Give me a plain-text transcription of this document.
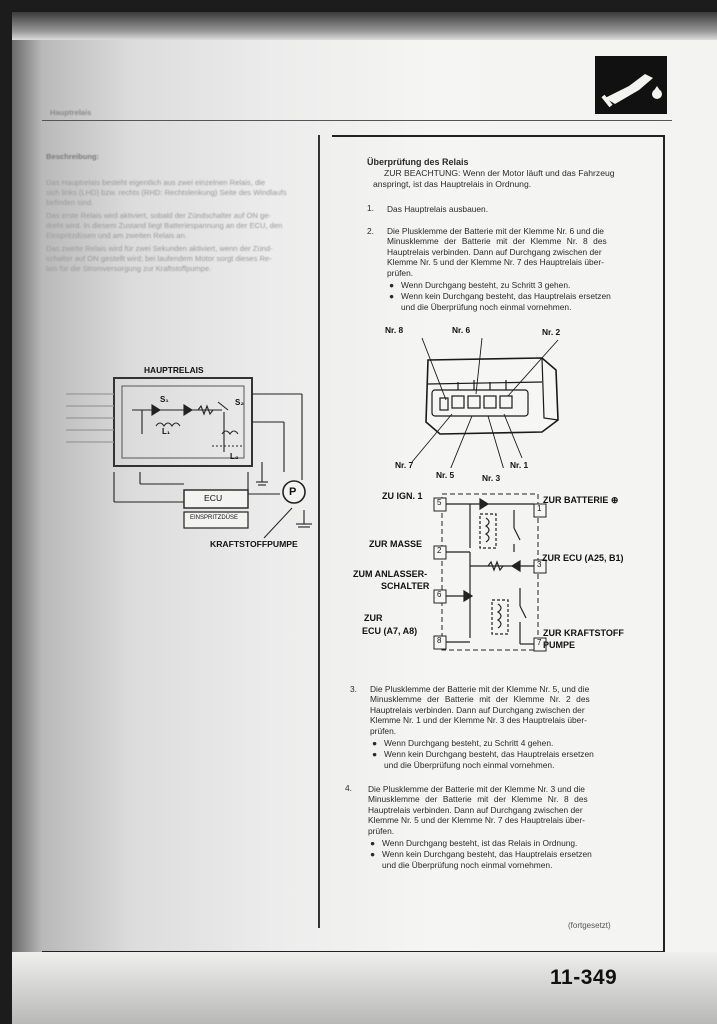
Hauptrelais
Beschreibung:
Das Hauptrelais besteht eigentlich aus zwei einzelnen Relais, die
sich links (LHD) bzw. rechts (RHD: Rechtslenkung) Seite des Windlaufs
befinden sind.
Das erste Relais wird aktiviert, sobald der Zündschalter auf ON ge-
dreht wird. In diesem Zustand liegt Batteriespannung an der ECU, den
Einspritzdüsen und am zweiten Relais an.
Das zweite Relais wird für zwei Sekunden aktiviert, wenn der Zünd-
schalter auf ON gestellt wird; bei laufendem Motor sorgt dieses Re-
lais für die Stromversorgung zur Kraftstoffpumpe.
HAUPTRELAIS
S₁	S₂
L₁
L₂
ECU
EINSPRITZDÜSE
P
KRAFTSTOFFPUMPE
Überprüfung des Relais
ZUR BEACHTUNG: Wenn der Motor läuft und das Fahrzeug
anspringt, ist das Hauptrelais in Ordnung.
1. Das Hauptrelais ausbauen.
2. Die Plusklemme der Batterie mit der Klemme Nr. 6 und die
Minusklemme der Batterie mit der Klemme Nr. 8 des
Hauptrelais verbinden. Dann auf Durchgang zwischen der
Klemme Nr. 5 und der Klemme Nr. 7 des Hauptrelais über-
prüfen.
● Wenn Durchgang besteht, zu Schritt 3 gehen.
● Wenn kein Durchgang besteht, das Hauptrelais ersetzen
und die Überprüfung noch einmal vornehmen.
Nr. 8	Nr. 6	Nr. 2
Nr. 7
Nr. 5	Nr. 3
Nr. 1
5
2
6
8
1
3
7
ZU IGN. 1
ZUR MASSE
ZUM ANLASSER-
SCHALTER
ZUR
ECU (A7, A8)
ZUR BATTERIE ⊕
ZUR ECU (A25, B1)
ZUR KRAFTSTOFF
PUMPE
3. Die Plusklemme der Batterie mit der Klemme Nr. 5, und die
Minusklemme der Batterie mit der Klemme Nr. 2 des
Hauptrelais verbinden. Dann auf Durchgang zwischen der
Klemme Nr. 1 und der Klemme Nr. 3 des Hauptrelais über-
prüfen.
● Wenn Durchgang besteht, zu Schritt 4 gehen.
● Wenn kein Durchgang besteht, das Hauptrelais ersetzen
und die Überprüfung noch einmal vornehmen.
4. Die Plusklemme der Batterie mit der Klemme Nr. 3 und die
Minusklemme der Batterie mit der Klemme Nr. 8 des
Hauptrelais verbinden. Dann auf Durchgang zwischen der
Klemme Nr. 5 und der Klemme Nr. 7 des Hauptrelais über-
prüfen.
● Wenn Durchgang besteht, ist das Relais in Ordnung.
● Wenn kein Durchgang besteht, das Hauptrelais ersetzen
und die Überprüfung noch einmal vornehmen.
(fortgesetzt)
11-349
